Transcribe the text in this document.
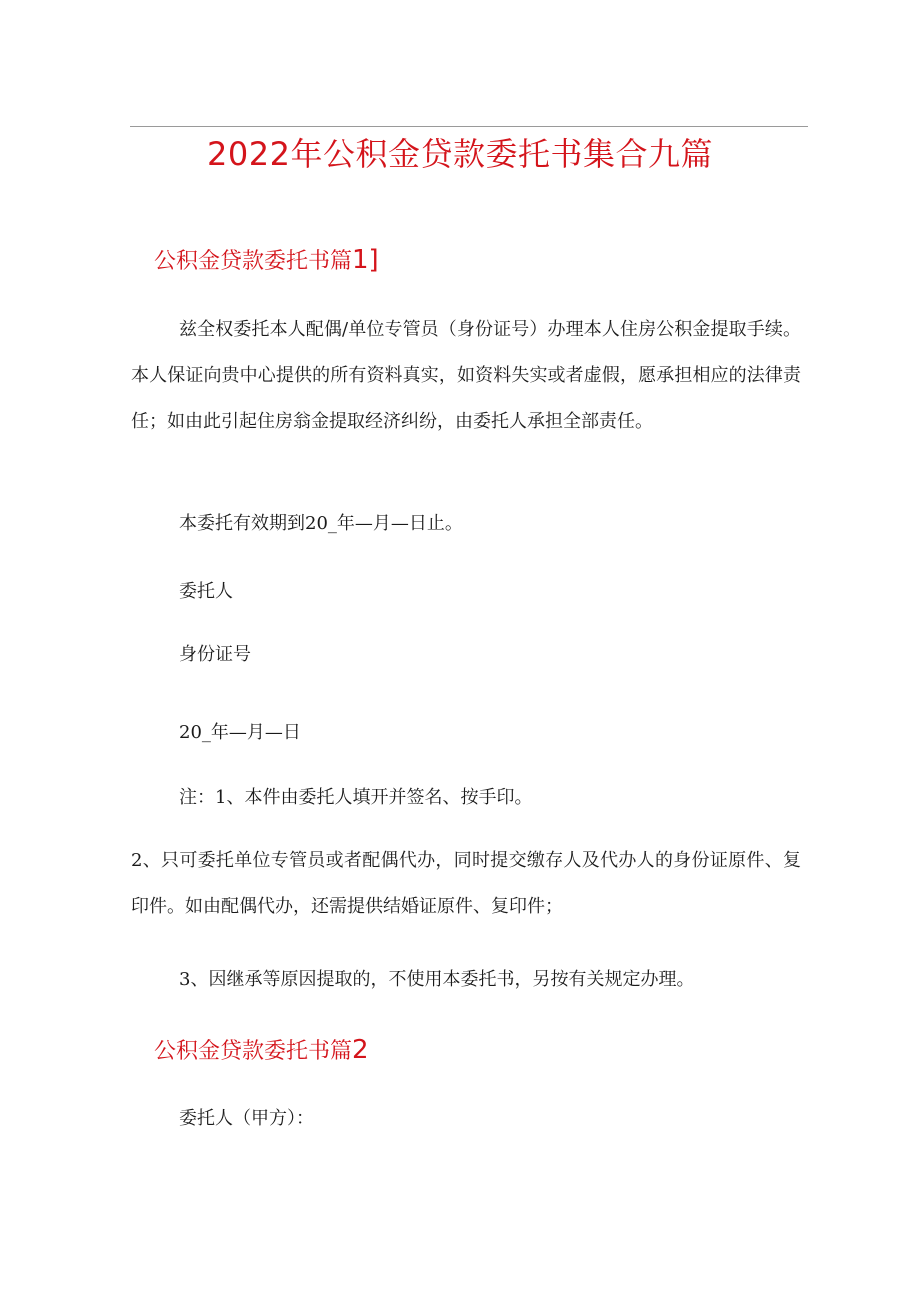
2022年公积金贷款委托书集合九篇
公积金贷款委托书篇1]
兹全权委托本人配偶/单位专管员（身份证号）办理本人住房公积金提取手续。本人保证向贵中心提供的所有资料真实，如资料失实或者虚假，愿承担相应的法律责任；如由此引起住房翁金提取经济纠纷，由委托人承担全部责任。
本委托有效期到20_年—月—日止。
委托人
身份证号
20_年—月—日
注：1、本件由委托人填开并签名、按手印。
2、只可委托单位专管员或者配偶代办，同时提交缴存人及代办人的身份证原件、复印件。如由配偶代办，还需提供结婚证原件、复印件；
3、因继承等原因提取的，不使用本委托书，另按有关规定办理。
公积金贷款委托书篇2
委托人（甲方）：
